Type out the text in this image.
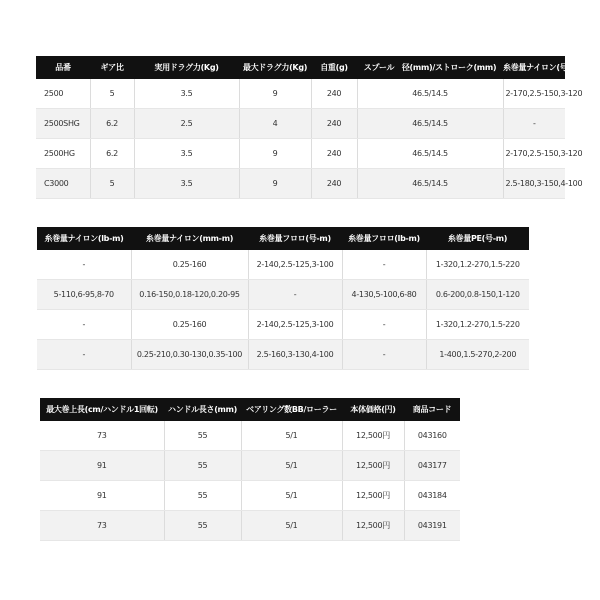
品番	ギア比	実用ドラグ力(Kg)	最大ドラグ力(Kg)	自重(g)	スプール　径(mm)/ストローク(mm)	糸巻量ナイロン(号-m)
2500	5	3.5	9	240	46.5/14.5	2-170,2.5-150,3-120
2500SHG	6.2	2.5	4	240	46.5/14.5	-
2500HG	6.2	3.5	9	240	46.5/14.5	2-170,2.5-150,3-120
C3000	5	3.5	9	240	46.5/14.5	2.5-180,3-150,4-100
糸巻量ナイロン(lb-m)	糸巻量ナイロン(mm-m)	糸巻量フロロ(号-m)	糸巻量フロロ(lb-m)	糸巻量PE(号-m)
-	0.25-160	2-140,2.5-125,3-100	-	1-320,1.2-270,1.5-220
5-110,6-95,8-70	0.16-150,0.18-120,0.20-95	-	4-130,5-100,6-80	0.6-200,0.8-150,1-120
-	0.25-160	2-140,2.5-125,3-100	-	1-320,1.2-270,1.5-220
-	0.25-210,0.30-130,0.35-100	2.5-160,3-130,4-100	-	1-400,1.5-270,2-200
最大巻上長(cm/ハンドル1回転)	ハンドル長さ(mm)	ベアリング数BB/ローラー	本体価格(円)	商品コード
73	55	5/1	12,500円	043160
91	55	5/1	12,500円	043177
91	55	5/1	12,500円	043184
73	55	5/1	12,500円	043191
